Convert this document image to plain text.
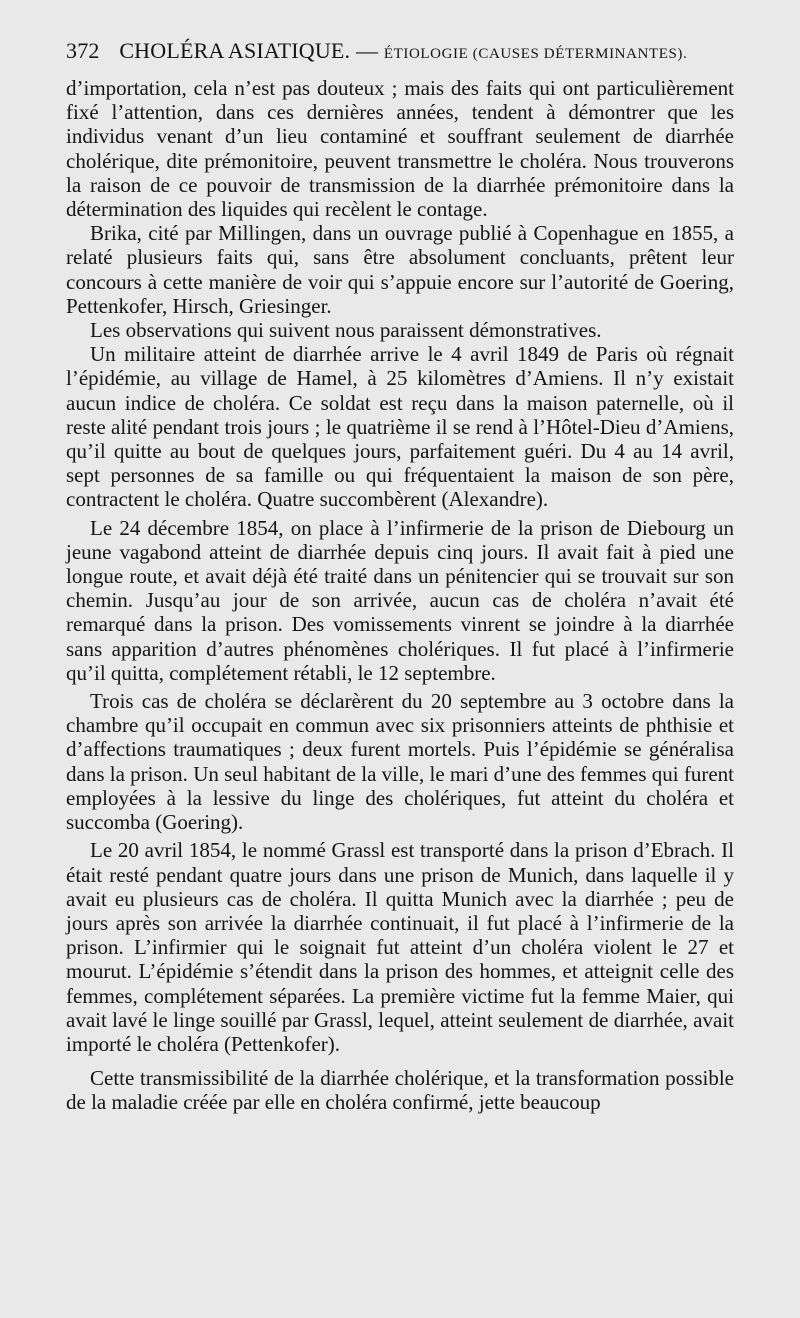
372 CHOLÉRA ASIATIQUE. — ÉTIOLOGIE (CAUSES DÉTERMINANTES).

d’importation, cela n’est pas douteux ; mais des faits qui ont particulièrement fixé l’attention, dans ces dernières années, tendent à démontrer que les individus venant d’un lieu contaminé et souffrant seulement de diarrhée cholérique, dite prémonitoire, peuvent transmettre le choléra. Nous trouverons la raison de ce pouvoir de transmission de la diarrhée prémonitoire dans la détermination des liquides qui recèlent le contage.

Brika, cité par Millingen, dans un ouvrage publié à Copenhague en 1855, a relaté plusieurs faits qui, sans être absolument concluants, prêtent leur concours à cette manière de voir qui s’appuie encore sur l’autorité de Goering, Pettenkofer, Hirsch, Griesinger.

Les observations qui suivent nous paraissent démonstratives.

Un militaire atteint de diarrhée arrive le 4 avril 1849 de Paris où régnait l’épidémie, au village de Hamel, à 25 kilomètres d’Amiens. Il n’y existait aucun indice de choléra. Ce soldat est reçu dans la maison paternelle, où il reste alité pendant trois jours ; le quatrième il se rend à l’Hôtel-Dieu d’Amiens, qu’il quitte au bout de quelques jours, parfaitement guéri. Du 4 au 14 avril, sept personnes de sa famille ou qui fréquentaient la maison de son père, contractent le choléra. Quatre succombèrent (Alexandre).

Le 24 décembre 1854, on place à l’infirmerie de la prison de Diebourg un jeune vagabond atteint de diarrhée depuis cinq jours. Il avait fait à pied une longue route, et avait déjà été traité dans un pénitencier qui se trouvait sur son chemin. Jusqu’au jour de son arrivée, aucun cas de choléra n’avait été remarqué dans la prison. Des vomissements vinrent se joindre à la diarrhée sans apparition d’autres phénomènes cholériques. Il fut placé à l’infirmerie qu’il quitta, complétement rétabli, le 12 septembre.

Trois cas de choléra se déclarèrent du 20 septembre au 3 octobre dans la chambre qu’il occupait en commun avec six prisonniers atteints de phthisie et d’affections traumatiques ; deux furent mortels. Puis l’épidémie se généralisa dans la prison. Un seul habitant de la ville, le mari d’une des femmes qui furent employées à la lessive du linge des cholériques, fut atteint du choléra et succomba (Goering).

Le 20 avril 1854, le nommé Grassl est transporté dans la prison d’Ebrach. Il était resté pendant quatre jours dans une prison de Munich, dans laquelle il y avait eu plusieurs cas de choléra. Il quitta Munich avec la diarrhée ; peu de jours après son arrivée la diarrhée continuait, il fut placé à l’infirmerie de la prison. L’infirmier qui le soignait fut atteint d’un choléra violent le 27 et mourut. L’épidémie s’étendit dans la prison des hommes, et atteignit celle des femmes, complétement séparées. La première victime fut la femme Maier, qui avait lavé le linge souillé par Grassl, lequel, atteint seulement de diarrhée, avait importé le choléra (Pettenkofer).

Cette transmissibilité de la diarrhée cholérique, et la transformation possible de la maladie créée par elle en choléra confirmé, jette beaucoup
